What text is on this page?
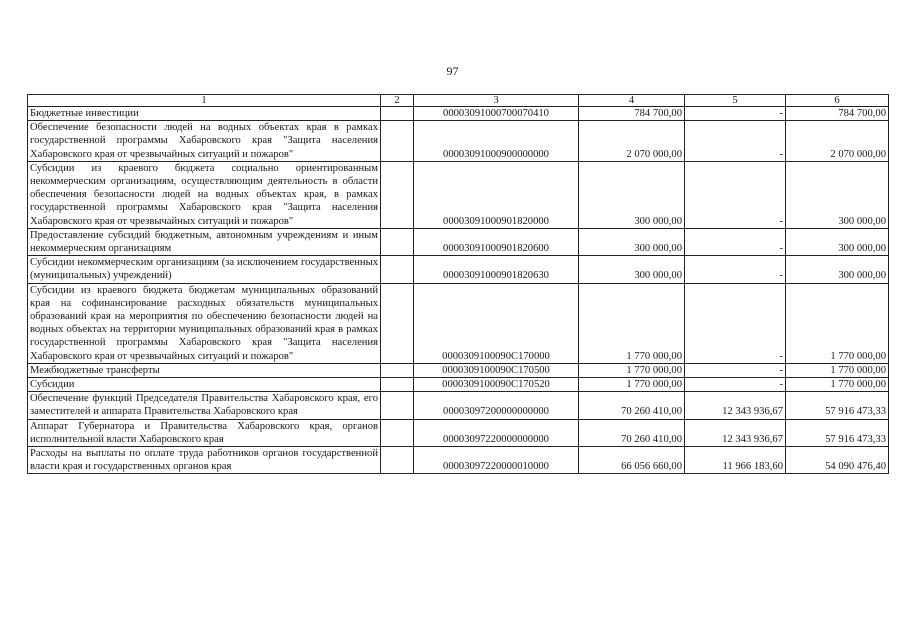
97
1	2	3	4	5	6
Бюджетные инвестиции		00003091000700070410	784 700,00	-	784 700,00
Обеспечение безопасности людей на водных объектах края в рамках государственной программы Хабаровского края "Защита населения Хабаровского края от чрезвычайных ситуаций и пожаров"		00003091000900000000	2 070 000,00	-	2 070 000,00
Субсидии из краевого бюджета социально ориентированным некоммерческим организациям, осуществляющим деятельность в области обеспечения безопасности людей на водных объектах края, в рамках государственной программы Хабаровского края "Защита населения Хабаровского края от чрезвычайных ситуаций и пожаров"		00003091000901820000	300 000,00	-	300 000,00
Предоставление субсидий бюджетным, автономным учреждениям и иным некоммерческим организациям		00003091000901820600	300 000,00	-	300 000,00
Субсидии некоммерческим организациям (за исключением государственных (муниципальных) учреждений)		00003091000901820630	300 000,00	-	300 000,00
Субсидии из краевого бюджета бюджетам муниципальных образований края на софинансирование расходных обязательств муниципальных образований края на мероприятия по обеспечению безопасности людей на водных объектах на территории муниципальных образований края в рамках государственной программы Хабаровского края "Защита населения Хабаровского края от чрезвычайных ситуаций и пожаров"		0000309100090C170000	1 770 000,00	-	1 770 000,00
Межбюджетные трансферты		0000309100090C170500	1 770 000,00	-	1 770 000,00
Субсидии		0000309100090C170520	1 770 000,00	-	1 770 000,00
Обеспечение функций Председателя Правительства Хабаровского края, его заместителей и аппарата Правительства Хабаровского края		00003097200000000000	70 260 410,00	12 343 936,67	57 916 473,33
Аппарат Губернатора и Правительства Хабаровского края, органов исполнительной власти Хабаровского края		00003097220000000000	70 260 410,00	12 343 936,67	57 916 473,33
Расходы на выплаты по оплате труда работников органов государственной власти края и государственных органов края		00003097220000010000	66 056 660,00	11 966 183,60	54 090 476,40
